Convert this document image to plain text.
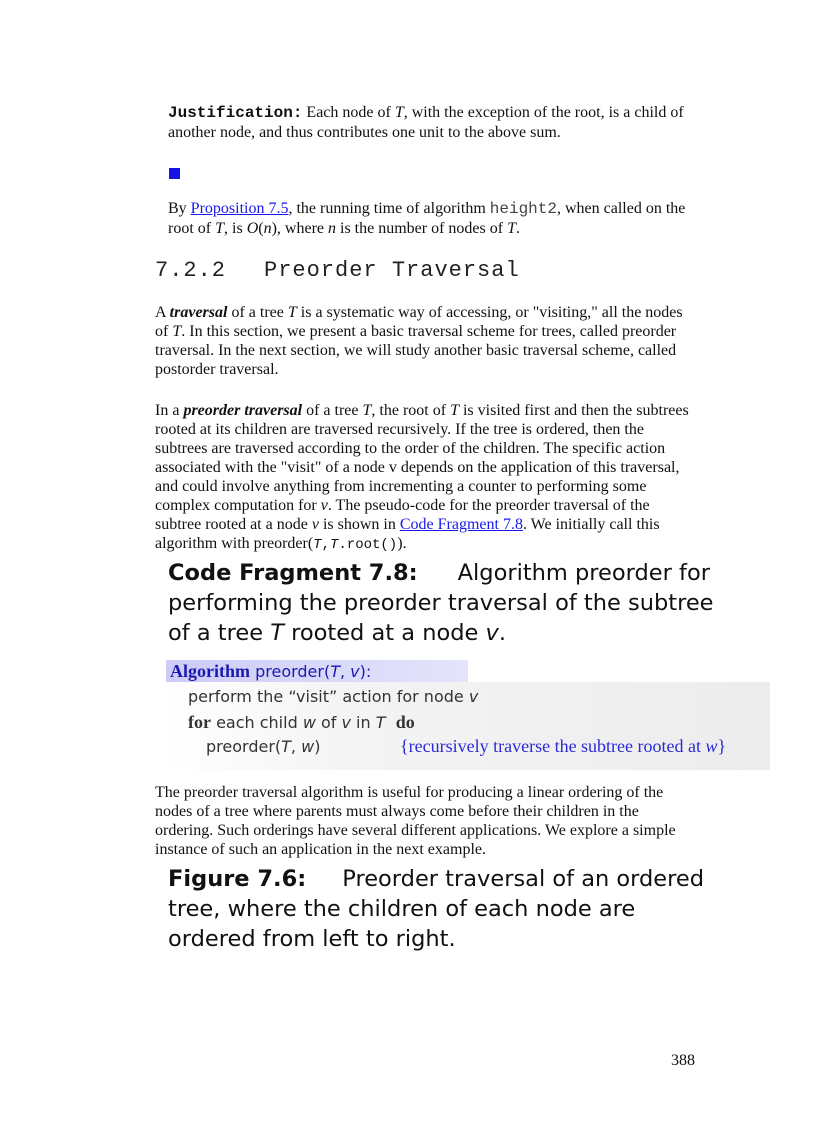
Justification: Each node of T, with the exception of the root, is a child of another node, and thus contributes one unit to the above sum.

By Proposition 7.5, the running time of algorithm height2, when called on the root of T, is O(n), where n is the number of nodes of T.

7.2.2 Preorder Traversal

A traversal of a tree T is a systematic way of accessing, or "visiting," all the nodes of T. In this section, we present a basic traversal scheme for trees, called preorder traversal. In the next section, we will study another basic traversal scheme, called postorder traversal.

In a preorder traversal of a tree T, the root of T is visited first and then the subtrees rooted at its children are traversed recursively. If the tree is ordered, then the subtrees are traversed according to the order of the children. The specific action associated with the "visit" of a node v depends on the application of this traversal, and could involve anything from incrementing a counter to performing some complex computation for v. The pseudo-code for the preorder traversal of the subtree rooted at a node v is shown in Code Fragment 7.8. We initially call this algorithm with preorder(T,T.root()).

Code Fragment 7.8: Algorithm preorder for performing the preorder traversal of the subtree of a tree T rooted at a node v.
Algorithm preorder(T, v):
perform the “visit” action for node v
for each child w of v in T do
preorder(T, w)	{recursively traverse the subtree rooted at w}

The preorder traversal algorithm is useful for producing a linear ordering of the nodes of a tree where parents must always come before their children in the ordering. Such orderings have several different applications. We explore a simple instance of such an application in the next example.

Figure 7.6: Preorder traversal of an ordered tree, where the children of each node are ordered from left to right.
388
